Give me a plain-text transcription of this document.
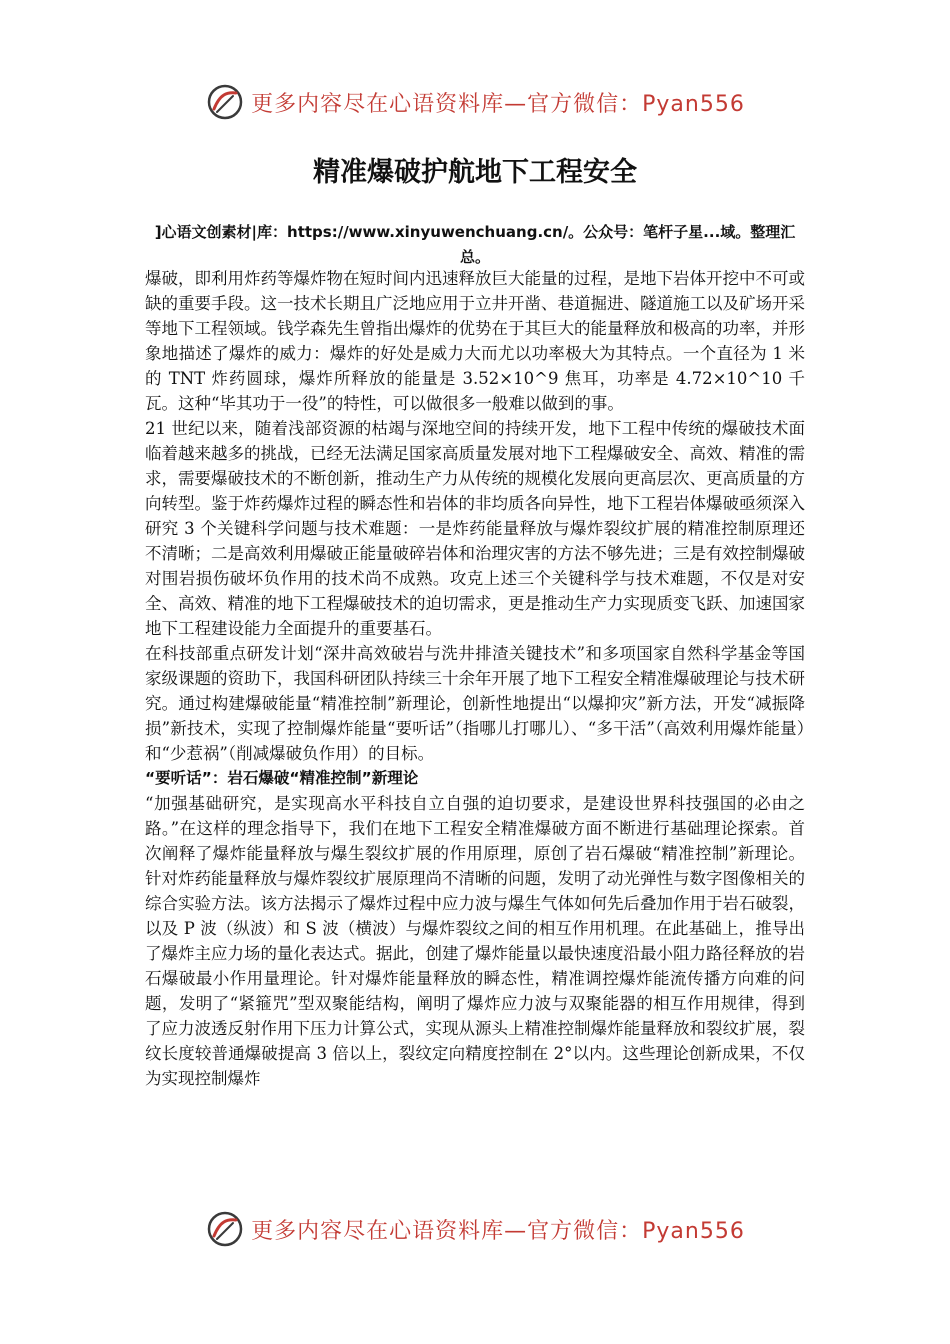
更多内容尽在心语资料库—官方微信：Pyan556
精准爆破护航地下工程安全

]心语文创素材|库：https://www.xinyuwenchuang.cn/。公众号：笔杆子星...域。整理汇总。

爆破，即利用炸药等爆炸物在短时间内迅速释放巨大能量的过程，是地下岩体开挖中不可或缺的重要手段。这一技术长期且广泛地应用于立井开凿、巷道掘进、隧道施工以及矿场开采等地下工程领域。钱学森先生曾指出爆炸的优势在于其巨大的能量释放和极高的功率，并形象地描述了爆炸的威力：爆炸的好处是威力大而尤以功率极大为其特点。一个直径为 1 米的 TNT 炸药圆球，爆炸所释放的能量是 3.52×10^9 焦耳，功率是 4.72×10^10 千瓦。这种“毕其功于一役”的特性，可以做很多一般难以做到的事。

21 世纪以来，随着浅部资源的枯竭与深地空间的持续开发，地下工程中传统的爆破技术面临着越来越多的挑战，已经无法满足国家高质量发展对地下工程爆破安全、高效、精准的需求，需要爆破技术的不断创新，推动生产力从传统的规模化发展向更高层次、更高质量的方向转型。鉴于炸药爆炸过程的瞬态性和岩体的非均质各向异性，地下工程岩体爆破亟须深入研究 3 个关键科学问题与技术难题：一是炸药能量释放与爆炸裂纹扩展的精准控制原理还不清晰；二是高效利用爆破正能量破碎岩体和治理灾害的方法不够先进；三是有效控制爆破对围岩损伤破坏负作用的技术尚不成熟。攻克上述三个关键科学与技术难题，不仅是对安全、高效、精准的地下工程爆破技术的迫切需求，更是推动生产力实现质变飞跃、加速国家地下工程建设能力全面提升的重要基石。

在科技部重点研发计划“深井高效破岩与洗井排渣关键技术”和多项国家自然科学基金等国家级课题的资助下，我国科研团队持续三十余年开展了地下工程安全精准爆破理论与技术研究。通过构建爆破能量“精准控制”新理论，创新性地提出“以爆抑灾”新方法，开发“减振降损”新技术，实现了控制爆炸能量“要听话”（指哪儿打哪儿）、“多干活”（高效利用爆炸能量）和“少惹祸”（削减爆破负作用）的目标。

“要听话”：岩石爆破“精准控制”新理论

“加强基础研究，是实现高水平科技自立自强的迫切要求，是建设世界科技强国的必由之路。”在这样的理念指导下，我们在地下工程安全精准爆破方面不断进行基础理论探索。首次阐释了爆炸能量释放与爆生裂纹扩展的作用原理，原创了岩石爆破“精准控制”新理论。针对炸药能量释放与爆炸裂纹扩展原理尚不清晰的问题，发明了动光弹性与数字图像相关的综合实验方法。该方法揭示了爆炸过程中应力波与爆生气体如何先后叠加作用于岩石破裂，以及 P 波（纵波）和 S 波（横波）与爆炸裂纹之间的相互作用机理。在此基础上，推导出了爆炸主应力场的量化表达式。据此，创建了爆炸能量以最快速度沿最小阻力路径释放的岩石爆破最小作用量理论。针对爆炸能量释放的瞬态性，精准调控爆炸能流传播方向难的问题，发明了“紧箍咒”型双聚能结构，阐明了爆炸应力波与双聚能器的相互作用规律，得到了应力波透反射作用下压力计算公式，实现从源头上精准控制爆炸能量释放和裂纹扩展，裂纹长度较普通爆破提高 3 倍以上，裂纹定向精度控制在 2°以内。这些理论创新成果，不仅为实现控制爆炸

更多内容尽在心语资料库—官方微信：Pyan556
